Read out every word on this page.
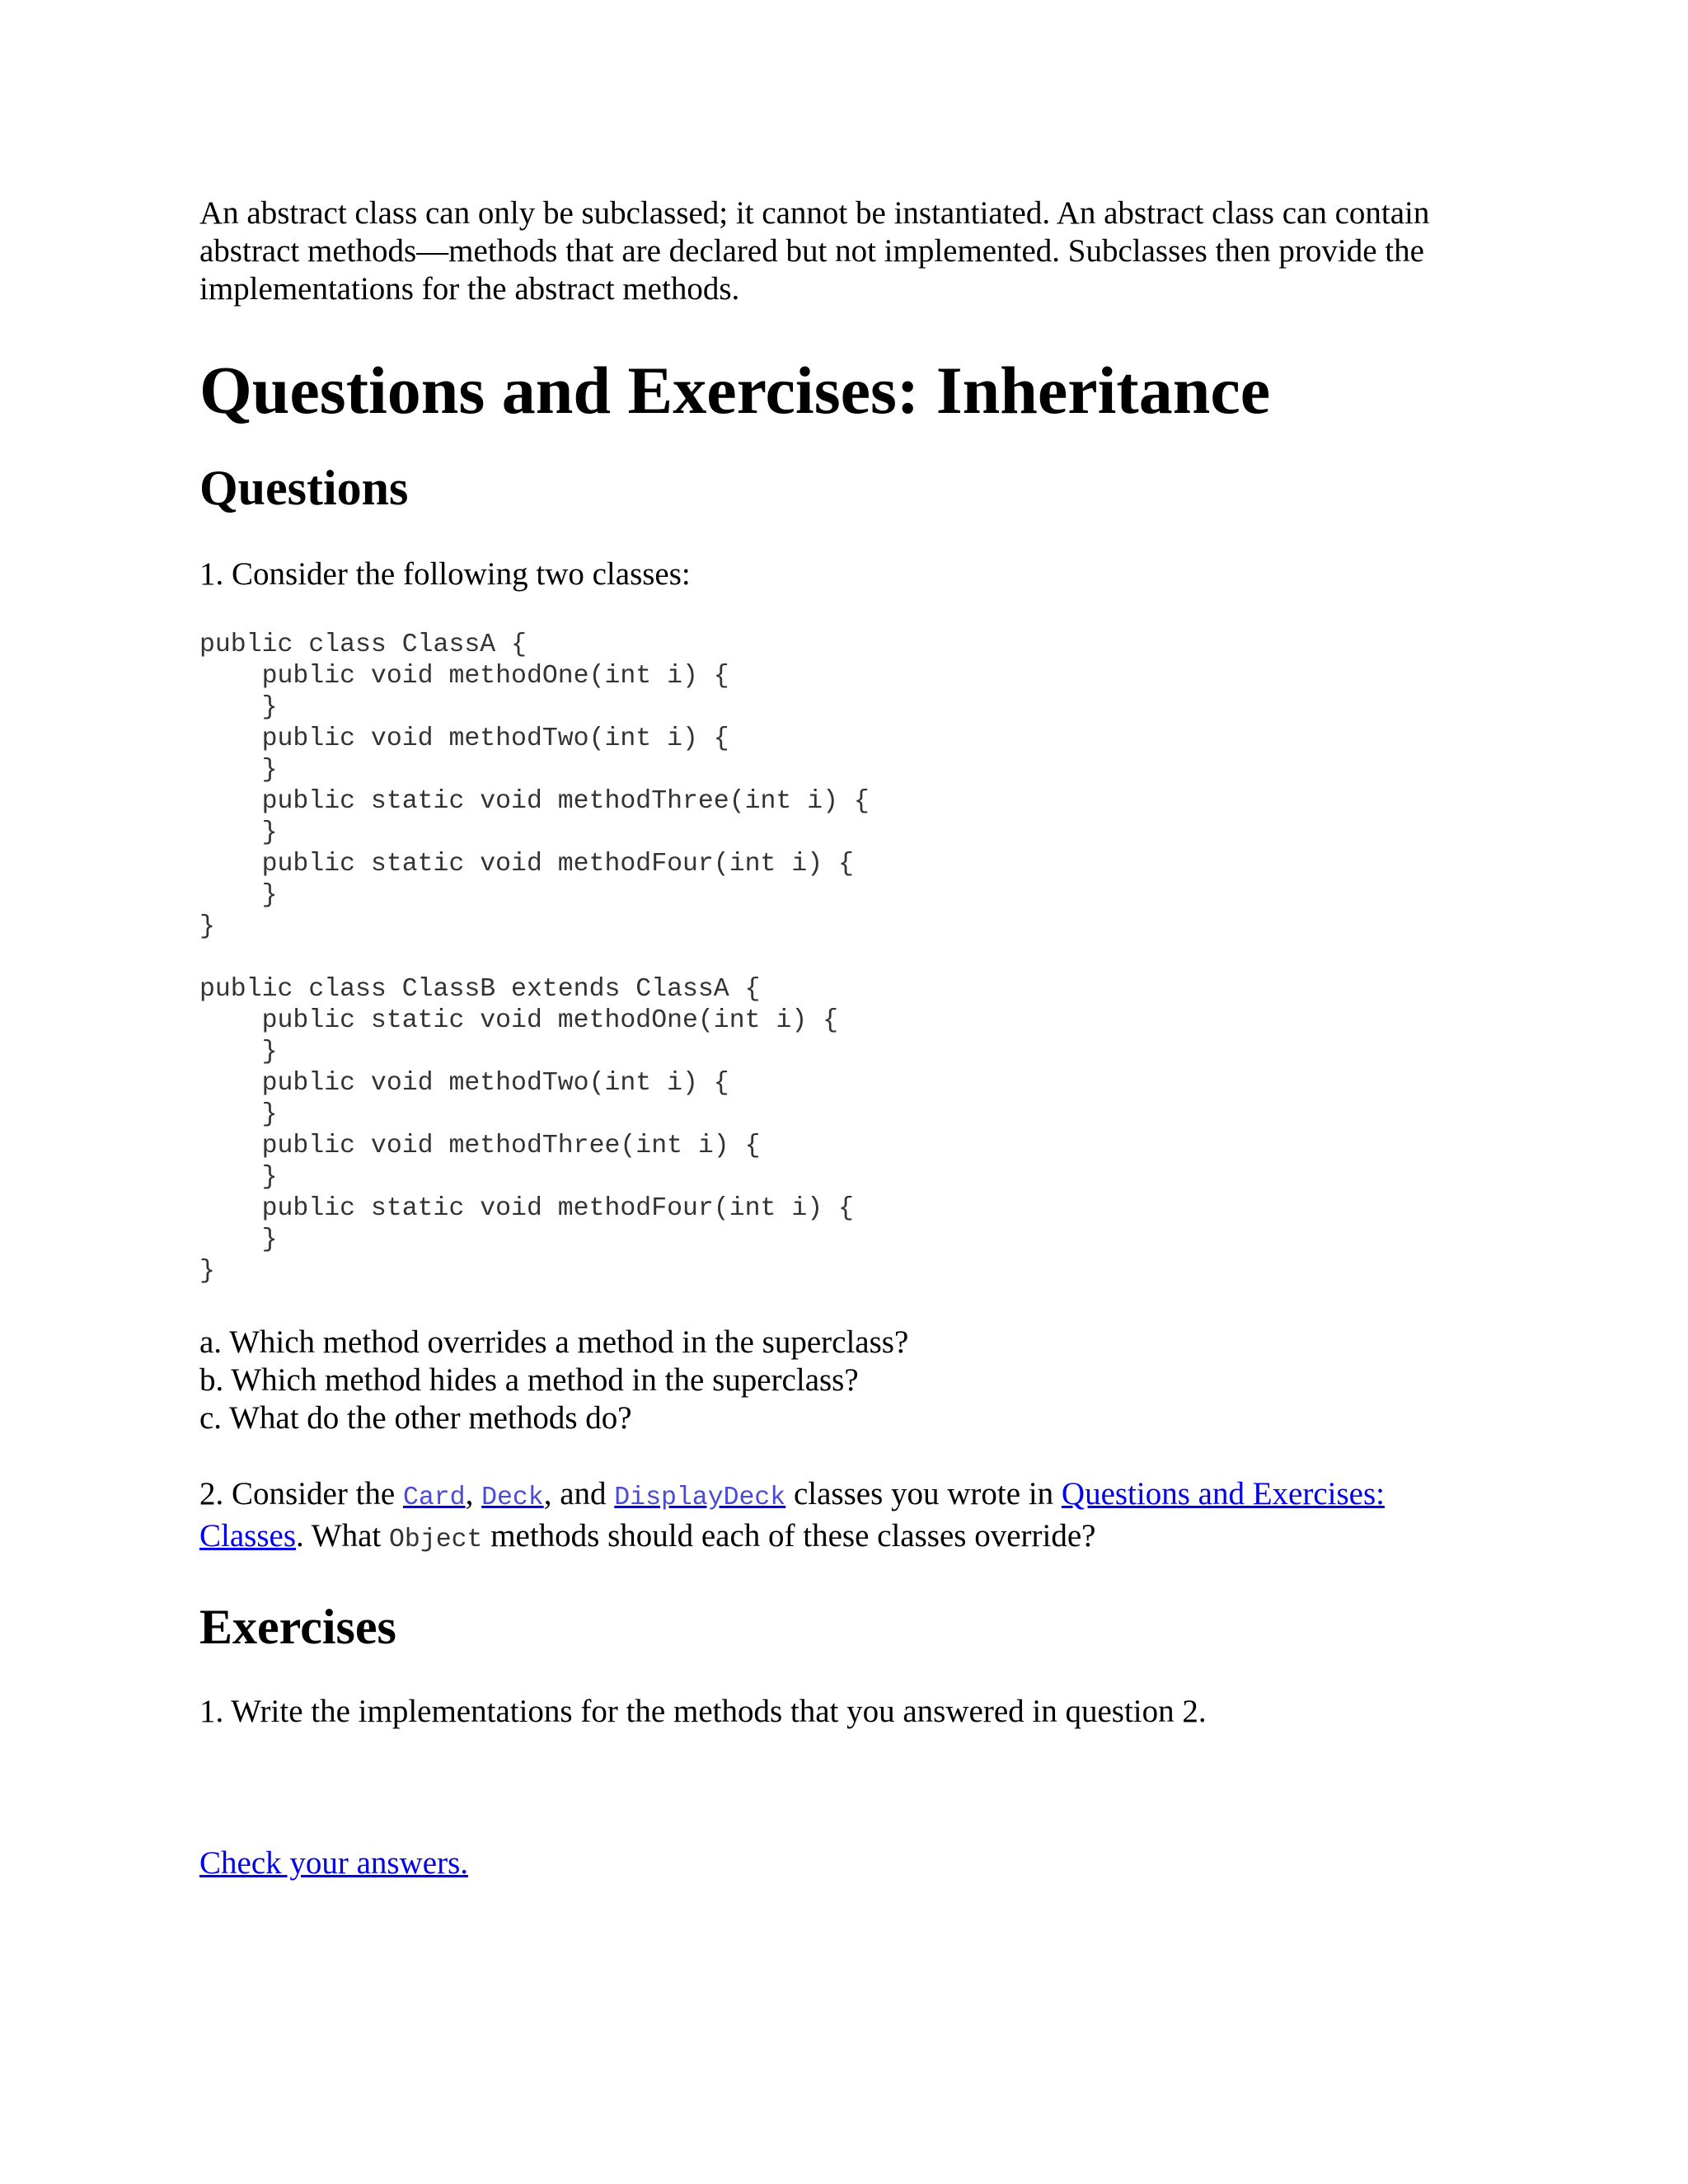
An abstract class can only be subclassed; it cannot be instantiated. An abstract class can contain abstract methods—methods that are declared but not implemented. Subclasses then provide the implementations for the abstract methods.

Questions and Exercises: Inheritance
Questions

1. Consider the following two classes:

public class ClassA {
public void methodOne(int i) {
}
public void methodTwo(int i) {
}
public static void methodThree(int i) {
}
public static void methodFour(int i) {
}
}
public class ClassB extends ClassA {
public static void methodOne(int i) {
}
public void methodTwo(int i) {
}
public void methodThree(int i) {
}
public static void methodFour(int i) {
}
}

a. Which method overrides a method in the superclass?

b. Which method hides a method in the superclass?

c. What do the other methods do?

2. Consider the Card, Deck, and DisplayDeck classes you wrote in Questions and Exercises: Classes. What Object methods should each of these classes override?

Exercises

1. Write the implementations for the methods that you answered in question 2.

Check your answers.
